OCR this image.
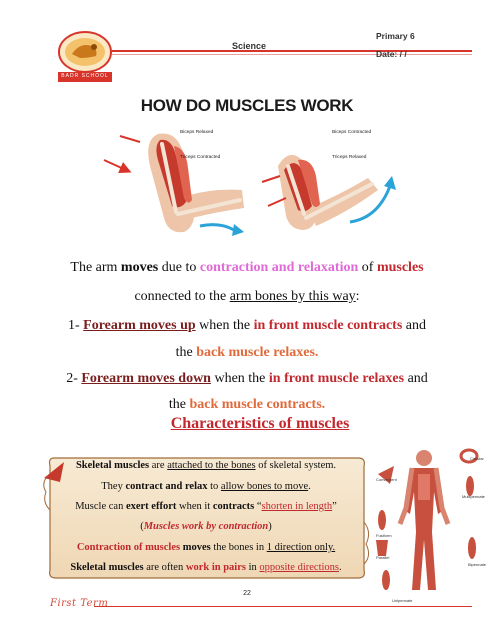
BADR SCHOOL
Science
Primary 6
Date: / /
HOW DO MUSCLES WORK
Biceps Relaxed
Triceps Contracted
Biceps Contracted
Triceps Relaxed

The arm moves due to contraction and relaxation of muscles

connected to the arm bones by this way:

1- Forearm moves up when the in front muscle contracts and

the back muscle relaxes.

2- Forearm moves down when the in front muscle relaxes and

the back muscle contracts.

Characteristics of muscles

Skeletal muscles are attached to the bones of skeletal system.

They contract and relax to allow bones to move.

Muscle can exert effort when it contracts “shorten in length”

(Muscles work by contraction)

Contraction of muscles moves the bones in 1 direction only.

Skeletal muscles are often work in pairs in opposite directions.

Circular
Convergent
Multipennate
Fusiform
Parallel
Bipennate
Unipennate
22
First Term
